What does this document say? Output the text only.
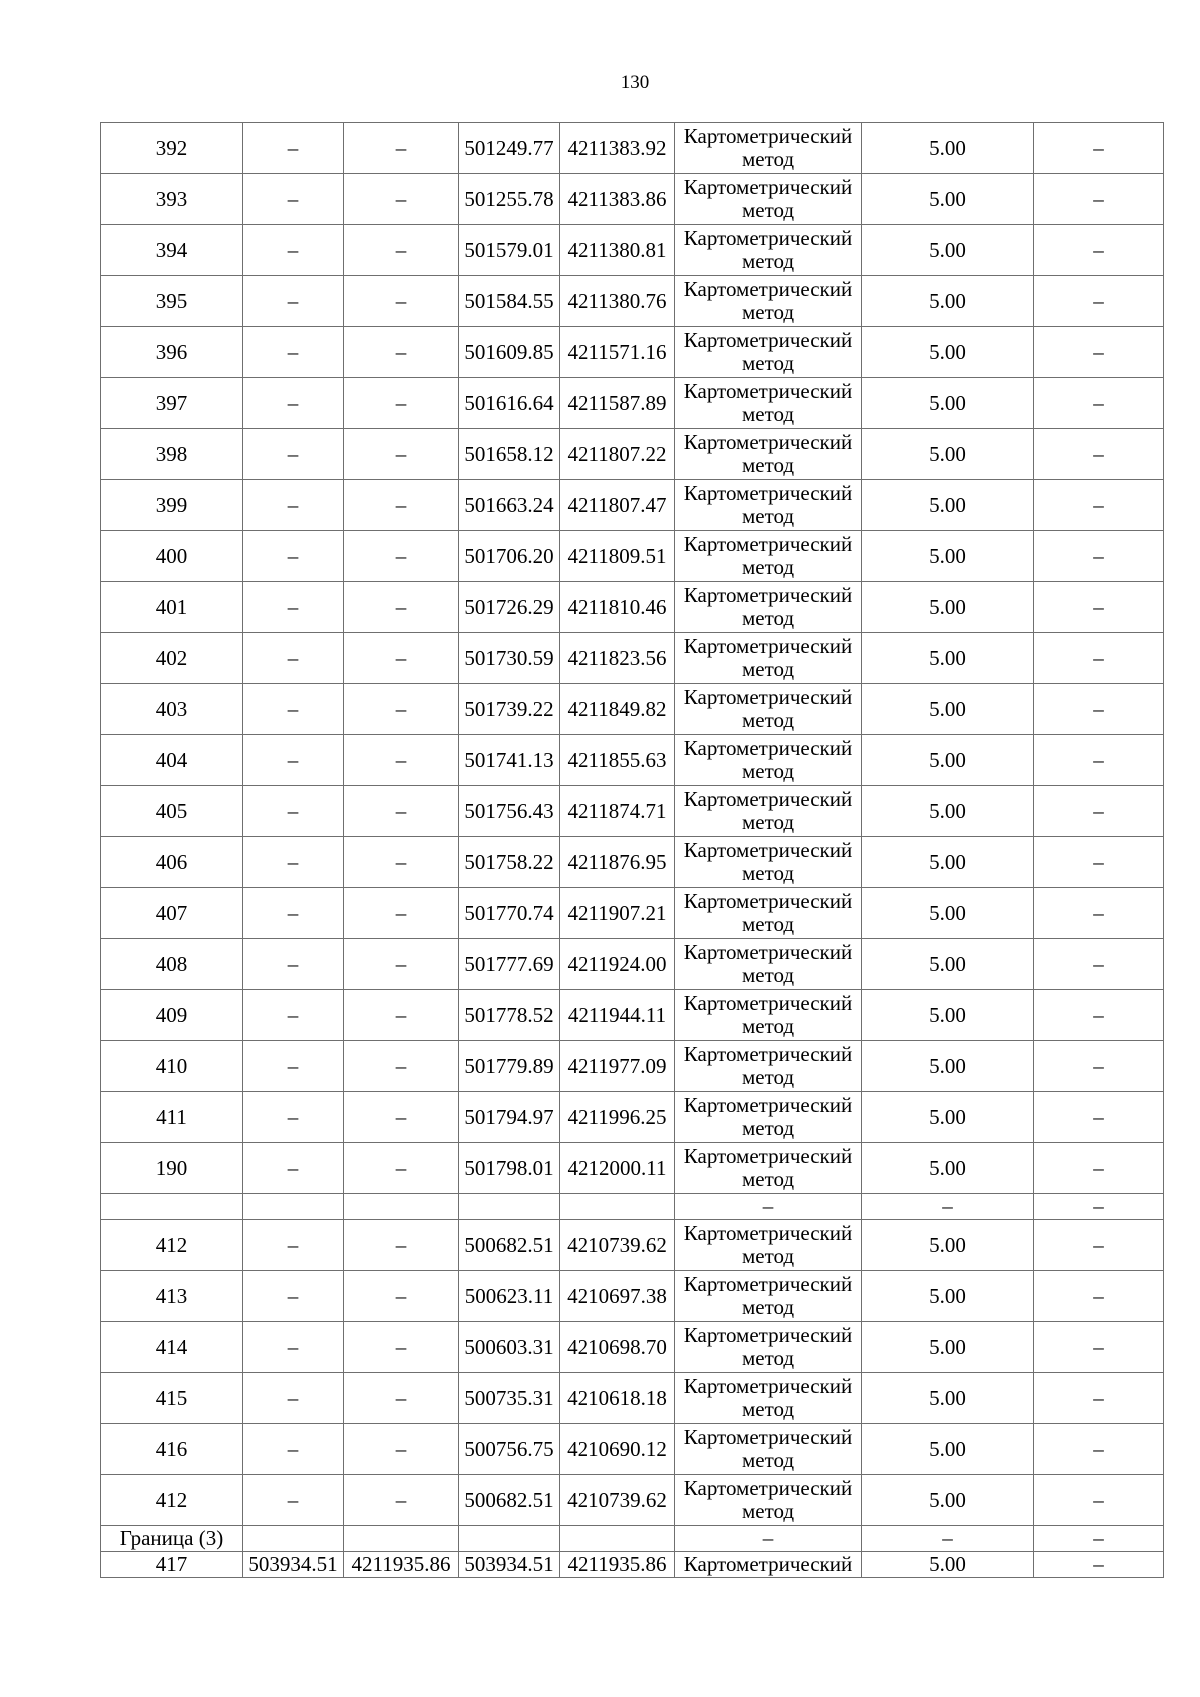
130
392	–	–	501249.77	4211383.92	Картометрический
метод	5.00	–
393	–	–	501255.78	4211383.86	Картометрический
метод	5.00	–
394	–	–	501579.01	4211380.81	Картометрический
метод	5.00	–
395	–	–	501584.55	4211380.76	Картометрический
метод	5.00	–
396	–	–	501609.85	4211571.16	Картометрический
метод	5.00	–
397	–	–	501616.64	4211587.89	Картометрический
метод	5.00	–
398	–	–	501658.12	4211807.22	Картометрический
метод	5.00	–
399	–	–	501663.24	4211807.47	Картометрический
метод	5.00	–
400	–	–	501706.20	4211809.51	Картометрический
метод	5.00	–
401	–	–	501726.29	4211810.46	Картометрический
метод	5.00	–
402	–	–	501730.59	4211823.56	Картометрический
метод	5.00	–
403	–	–	501739.22	4211849.82	Картометрический
метод	5.00	–
404	–	–	501741.13	4211855.63	Картометрический
метод	5.00	–
405	–	–	501756.43	4211874.71	Картометрический
метод	5.00	–
406	–	–	501758.22	4211876.95	Картометрический
метод	5.00	–
407	–	–	501770.74	4211907.21	Картометрический
метод	5.00	–
408	–	–	501777.69	4211924.00	Картометрический
метод	5.00	–
409	–	–	501778.52	4211944.11	Картометрический
метод	5.00	–
410	–	–	501779.89	4211977.09	Картометрический
метод	5.00	–
411	–	–	501794.97	4211996.25	Картометрический
метод	5.00	–
190	–	–	501798.01	4212000.11	Картометрический
метод	5.00	–

					–	–	–
412	–	–	500682.51	4210739.62	Картометрический
метод	5.00	–
413	–	–	500623.11	4210697.38	Картометрический
метод	5.00	–
414	–	–	500603.31	4210698.70	Картометрический
метод	5.00	–
415	–	–	500735.31	4210618.18	Картометрический
метод	5.00	–
416	–	–	500756.75	4210690.12	Картометрический
метод	5.00	–
412	–	–	500682.51	4210739.62	Картометрический
метод	5.00	–
Граница (3)					–	–	–
417	503934.51	4211935.86	503934.51	4211935.86	Картометрический	5.00	–
